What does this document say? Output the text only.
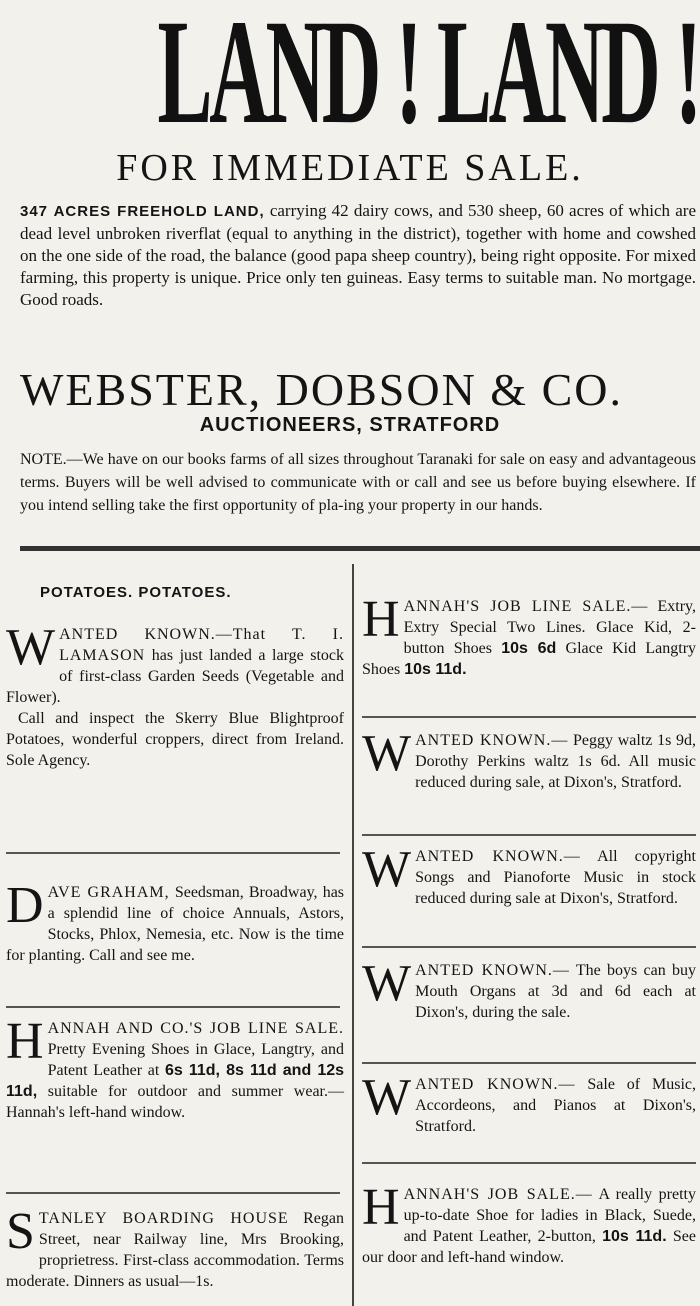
LAND ! LAND !
FOR IMMEDIATE SALE.
347 ACRES FREEHOLD LAND, carrying 42 dairy cows, and 530 sheep, 60 acres of which are dead level unbroken riverflat (equal to anything in the district), together with home and cowshed on the one side of the road, the balance (good papa sheep country), being right opposite. For mixed farming, this property is unique. Price only ten guineas. Easy terms to suitable man. No mortgage. Good roads.
WEBSTER, DOBSON & CO.
AUCTIONEERS, STRATFORD
NOTE.—We have on our books farms of all sizes throughout Taranaki for sale on easy and advantageous terms. Buyers will be well advised to communicate with or call and see us before buying elsewhere. If you intend selling take the first opportunity of pla-ing your property in our hands.
POTATOES. POTATOES.
W ANTED KNOWN.—That T. I. LAMASON has just landed a large stock of first-class Garden Seeds (Vegetable and Flower).
Call and inspect the Skerry Blue Blightproof Potatoes, wonderful croppers, direct from Ireland. Sole Agency.
D AVE GRAHAM, Seedsman, Broadway, has a splendid line of choice Annuals, Astors, Stocks, Phlox, Nemesia, etc. Now is the time for planting. Call and see me.
H ANNAH AND CO.'S JOB LINE SALE. Pretty Evening Shoes in Glace, Langtry, and Patent Leather at 6s 11d, 8s 11d and 12s 11d, suitable for outdoor and summer wear.—Hannah's left-hand window.
S TANLEY BOARDING HOUSE Regan Street, near Railway line, Mrs Brooking, proprietress. First-class accommodation. Terms moderate. Dinners as usual—1s.
H ANNAH'S JOB LINE SALE.— Extry, Extry Special Two Lines. Glace Kid, 2-button Shoes 10s 6d Glace Kid Langtry Shoes 10s 11d.
W ANTED KNOWN.— Peggy waltz 1s 9d, Dorothy Perkins waltz 1s 6d. All music reduced during sale, at Dixon's, Stratford.
W ANTED KNOWN.— All copyright Songs and Pianoforte Music in stock reduced during sale at Dixon's, Stratford.
W ANTED KNOWN.— The boys can buy Mouth Organs at 3d and 6d each at Dixon's, during the sale.
W ANTED KNOWN.— Sale of Music, Accordeons, and Pianos at Dixon's, Stratford.
H ANNAH'S JOB SALE.— A really pretty up-to-date Shoe for ladies in Black, Suede, and Patent Leather, 2-button, 10s 11d. See our door and left-hand window.
